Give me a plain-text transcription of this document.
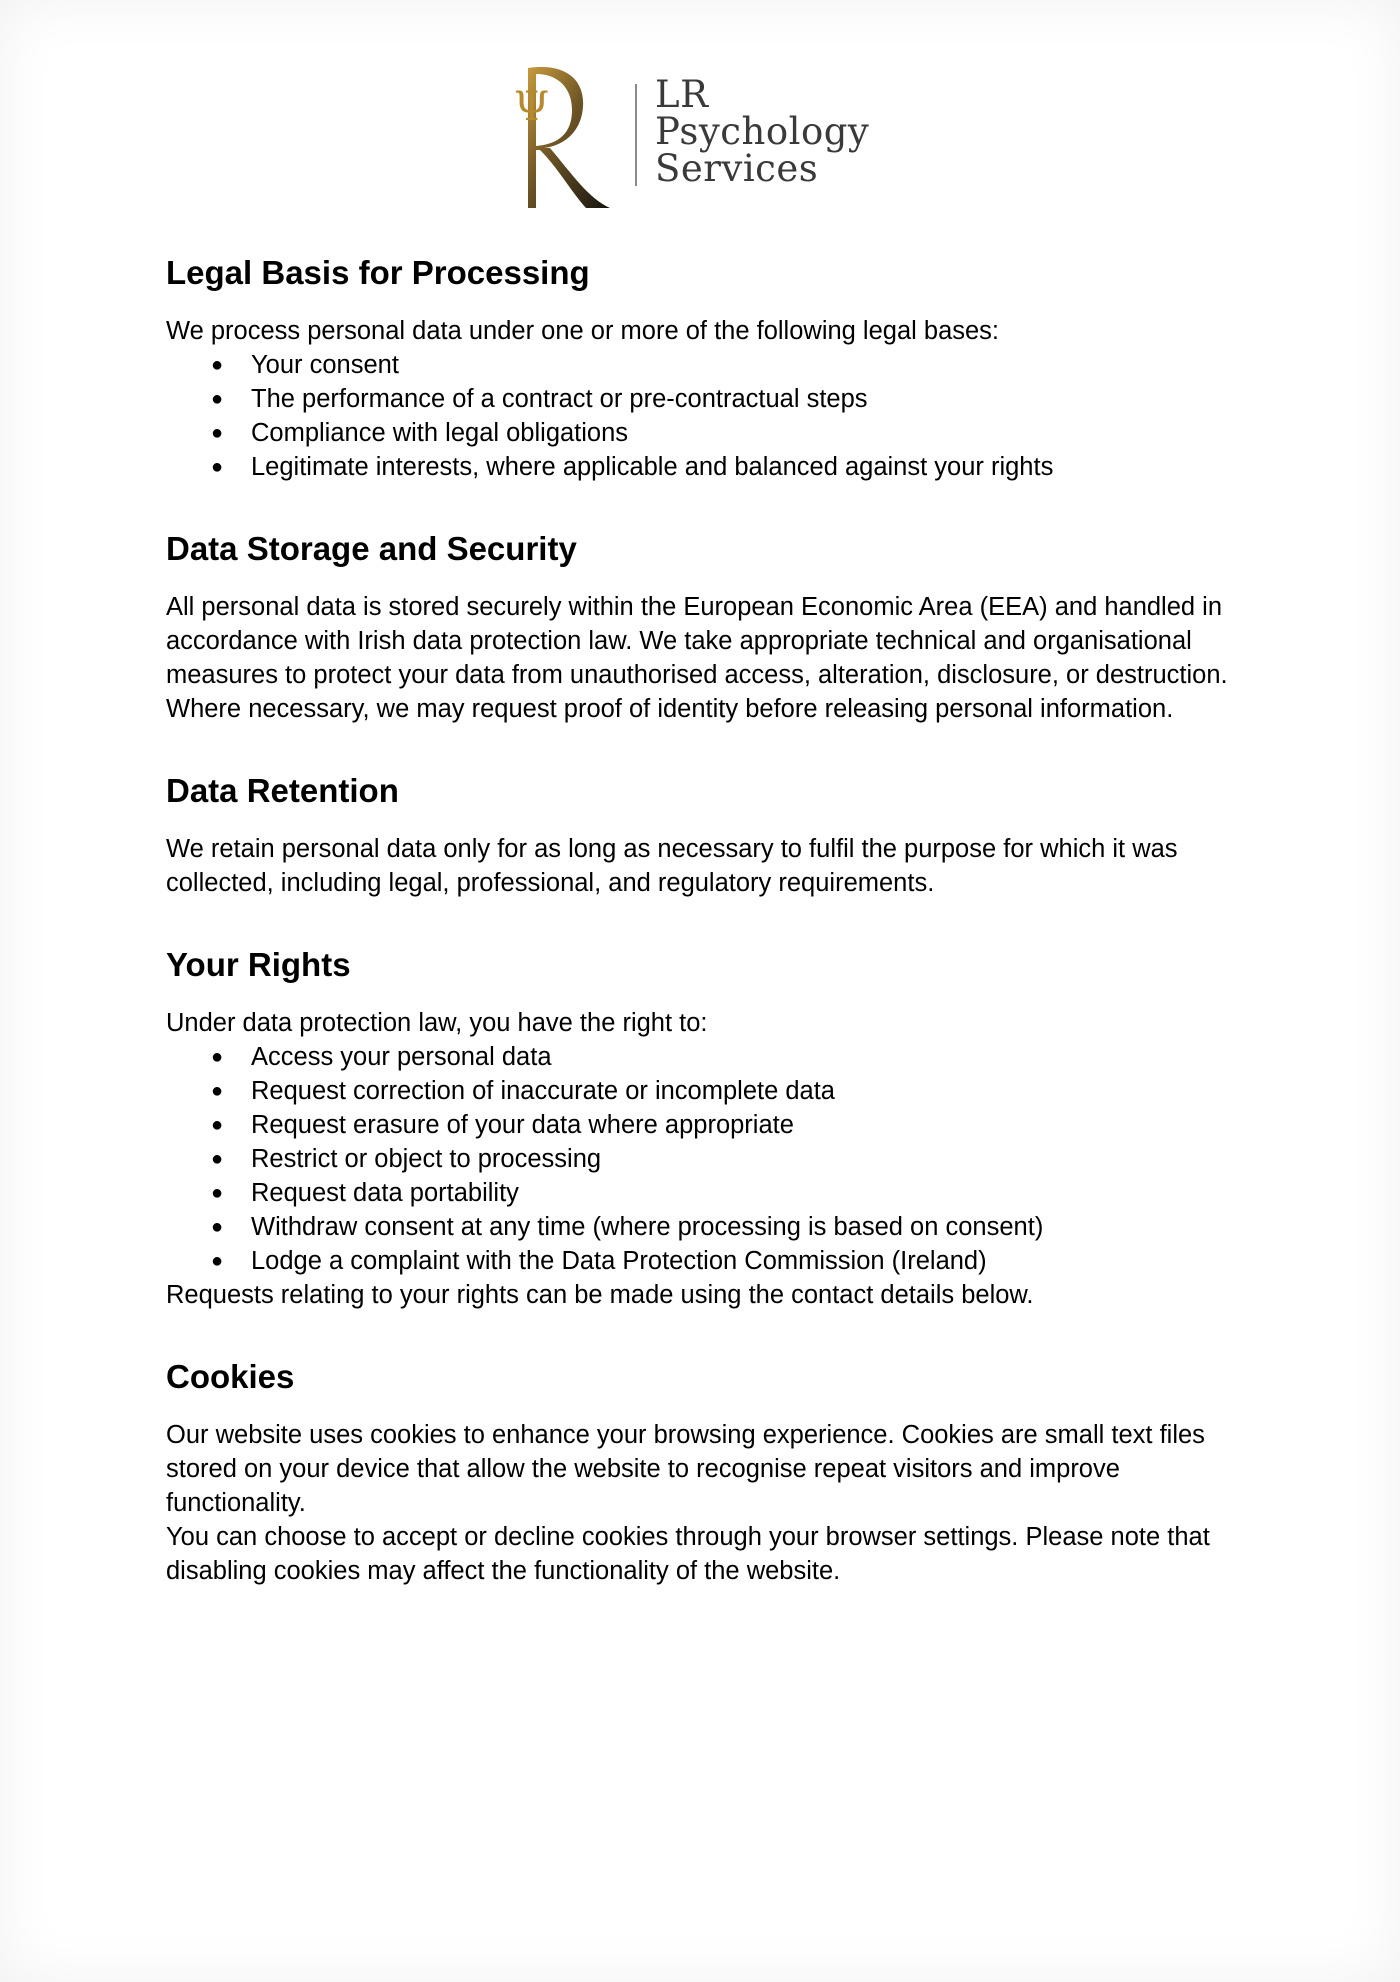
Ψ	LR
Psychology
Services
Legal Basis for Processing

We process personal data under one or more of the following legal bases:

● Your consent
● The performance of a contract or pre-contractual steps
● Compliance with legal obligations
● Legitimate interests, where applicable and balanced against your rights
Data Storage and Security

All personal data is stored securely within the European Economic Area (EEA) and handled in accordance with Irish data protection law. We take appropriate technical and organisational measures to protect your data from unauthorised access, alteration, disclosure, or destruction.

Where necessary, we may request proof of identity before releasing personal information.

Data Retention

We retain personal data only for as long as necessary to fulfil the purpose for which it was collected, including legal, professional, and regulatory requirements.

Your Rights

Under data protection law, you have the right to:

● Access your personal data
● Request correction of inaccurate or incomplete data
● Request erasure of your data where appropriate
● Restrict or object to processing
● Request data portability
● Withdraw consent at any time (where processing is based on consent)
● Lodge a complaint with the Data Protection Commission (Ireland)

Requests relating to your rights can be made using the contact details below.

Cookies

Our website uses cookies to enhance your browsing experience. Cookies are small text files stored on your device that allow the website to recognise repeat visitors and improve functionality.

You can choose to accept or decline cookies through your browser settings. Please note that disabling cookies may affect the functionality of the website.
